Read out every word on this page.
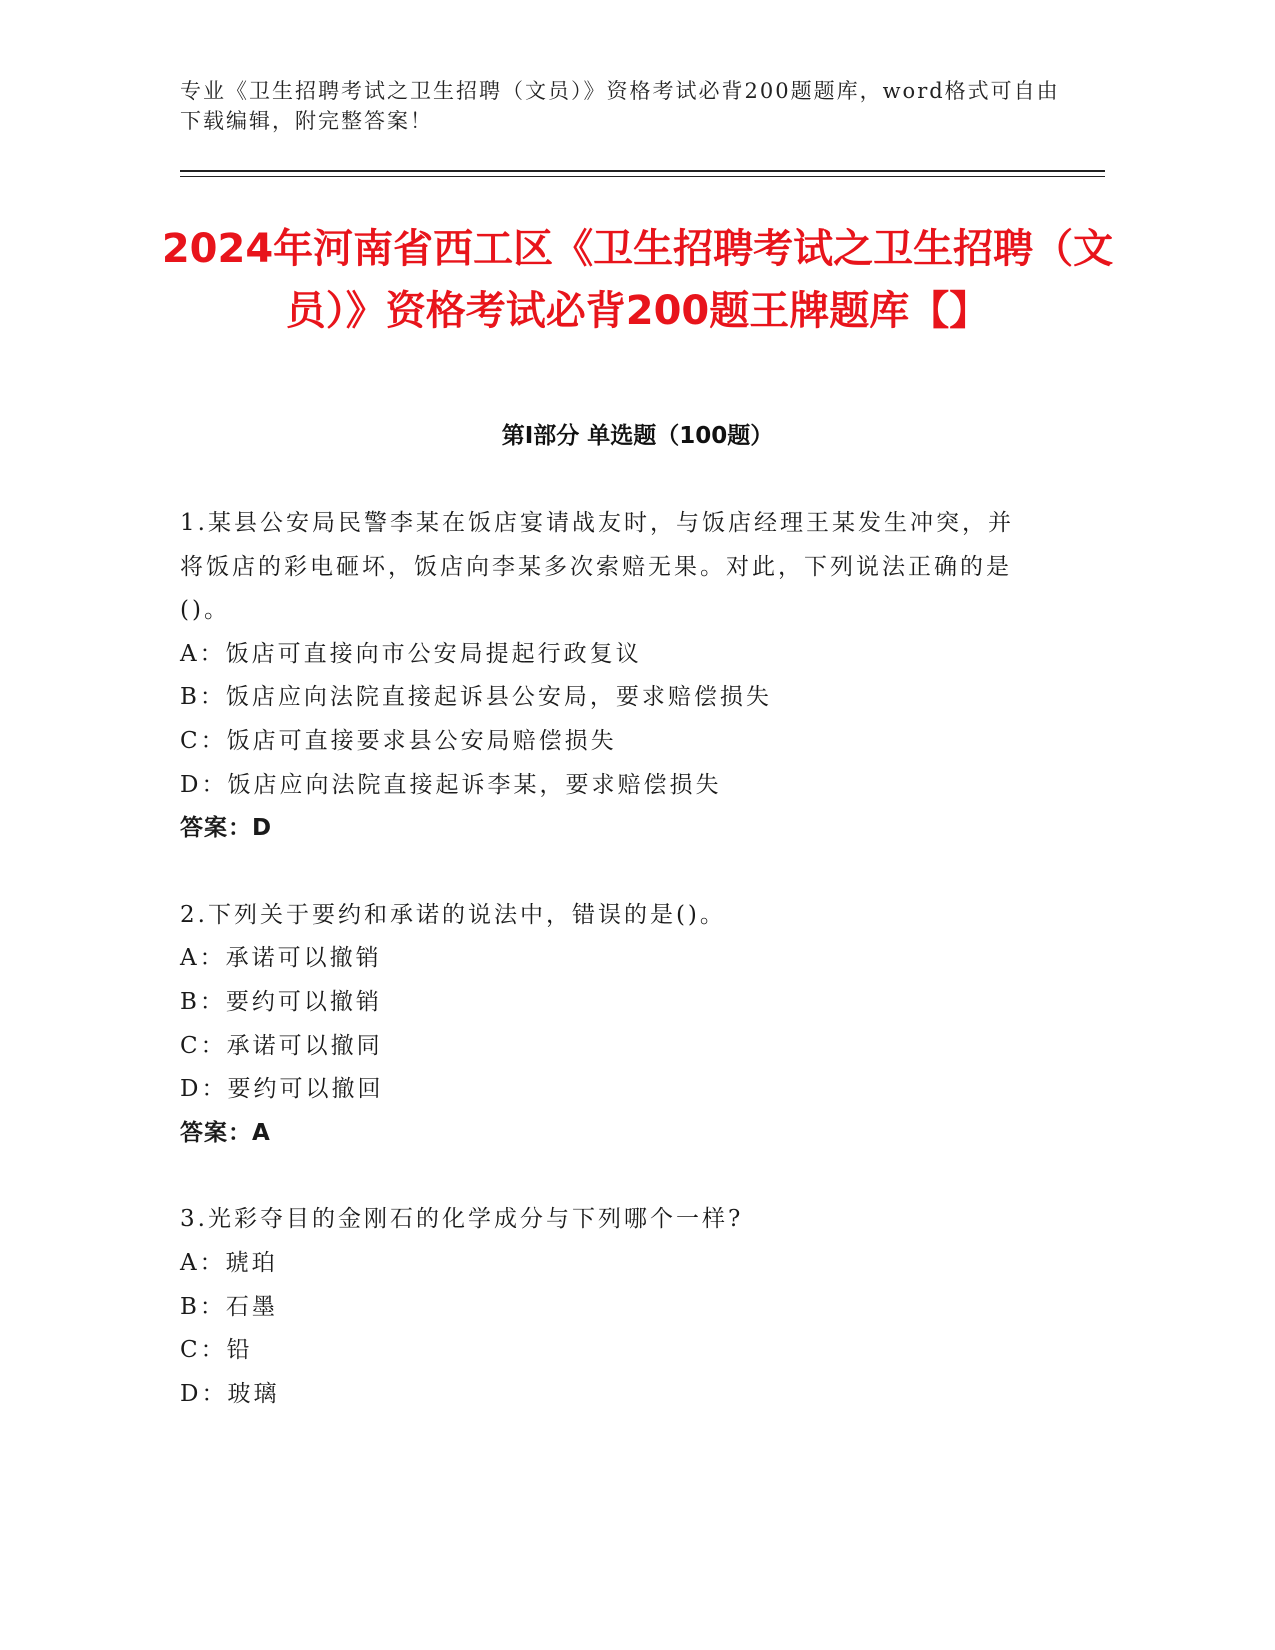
专业《卫生招聘考试之卫生招聘（文员）》资格考试必背200题题库，word格式可自由下载编辑，附完整答案！
2024年河南省西工区《卫生招聘考试之卫生招聘（文员）》资格考试必背200题王牌题库【】
第I部分 单选题（100题）
1.某县公安局民警李某在饭店宴请战友时，与饭店经理王某发生冲突，并将饭店的彩电砸坏，饭店向李某多次索赔无果。对此，下列说法正确的是()。
A：饭店可直接向市公安局提起行政复议
B：饭店应向法院直接起诉县公安局，要求赔偿损失
C：饭店可直接要求县公安局赔偿损失
D：饭店应向法院直接起诉李某，要求赔偿损失
答案：D
2.下列关于要约和承诺的说法中，错误的是()。
A：承诺可以撤销
B：要约可以撤销
C：承诺可以撤同
D：要约可以撤回
答案：A
3.光彩夺目的金刚石的化学成分与下列哪个一样?
A：琥珀
B：石墨
C：铅
D：玻璃
